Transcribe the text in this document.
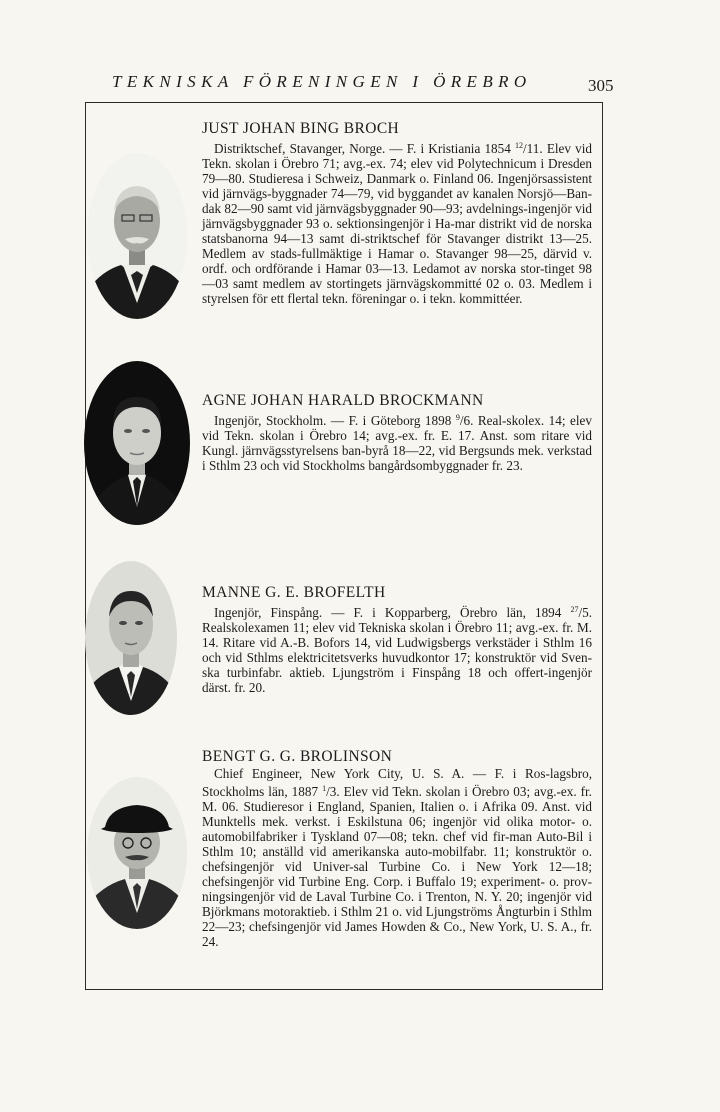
TEKNISKA FÖRENINGEN I ÖREBRO	305

JUST JOHAN BING BROCH

Distriktschef, Stavanger, Norge. — F. i Kristiania 1854 $^{12}$/11. Elev vid Tekn. skolan i Örebro 71; avg.-ex. 74; elev vid Polytechnicum i Dresden 79—80. Studieresa i Schweiz, Danmark o. Finland 06. Ingenjörsassistent vid järnvägs-byggnader 74—79, vid byggandet av kanalen Norsjö—Ban-dak 82—90 samt vid järnvägsbyggnader 90—93; avdelnings-ingenjör vid järnvägsbyggnader 93 o. sektionsingenjör i Ha-mar distrikt vid de norska statsbanorna 94—13 samt di-striktschef för Stavanger distrikt 13—25. Medlem av stads-fullmäktige i Hamar o. Stavanger 98—25, därvid v. ordf. och ordförande i Hamar 03—13. Ledamot av norska stor-tinget 98—03 samt medlem av stortingets järnvägskommitté 02 o. 03. Medlem i styrelsen för ett flertal tekn. föreningar o. i tekn. kommittéer.

AGNE JOHAN HARALD BROCKMANN

Ingenjör, Stockholm. — F. i Göteborg 1898 $^9$/6. Real-skolex. 14; elev vid Tekn. skolan i Örebro 14; avg.-ex. fr. E. 17. Anst. som ritare vid Kungl. järnvägsstyrelsens ban-byrå 18—22, vid Bergsunds mek. verkstad i Sthlm 23 och vid Stockholms bangårdsombyggnader fr. 23.

MANNE G. E. BROFELTH

Ingenjör, Finspång. — F. i Kopparberg, Örebro län, 1894 $^{27}$/5. Realskolexamen 11; elev vid Tekniska skolan i Örebro 11; avg.-ex. fr. M. 14. Ritare vid A.-B. Bofors 14, vid Ludwigsbergs verkstäder i Sthlm 16 och vid Sthlms elektricitetsverks huvudkontor 17; konstruktör vid Sven-ska turbinfabr. aktieb. Ljungström i Finspång 18 och offert-ingenjör därst. fr. 20.

BENGT G. G. BROLINSON

Chief Engineer, New York City, U. S. A. — F. i Ros-lagsbro, Stockholms län, 1887 $^1$/3. Elev vid Tekn. skolan i Örebro 03; avg.-ex. fr. M. 06. Studieresor i England, Spanien, Italien o. i Afrika 09. Anst. vid Munktells mek. verkst. i Eskilstuna 06; ingenjör vid olika motor- o. automobilfabriker i Tyskland 07—08; tekn. chef vid fir-man Auto-Bil i Sthlm 10; anställd vid amerikanska auto-mobilfabr. 11; konstruktör o. chefsingenjör vid Univer-sal Turbine Co. i New York 12—18; chefsingenjör vid Turbine Eng. Corp. i Buffalo 19; experiment- o. prov-ningsingenjör vid de Laval Turbine Co. i Trenton, N. Y. 20; ingenjör vid Björkmans motoraktieb. i Sthlm 21 o. vid Ljungströms Ångturbin i Sthlm 22—23; chefsingenjör vid James Howden & Co., New York, U. S. A., fr. 24.
